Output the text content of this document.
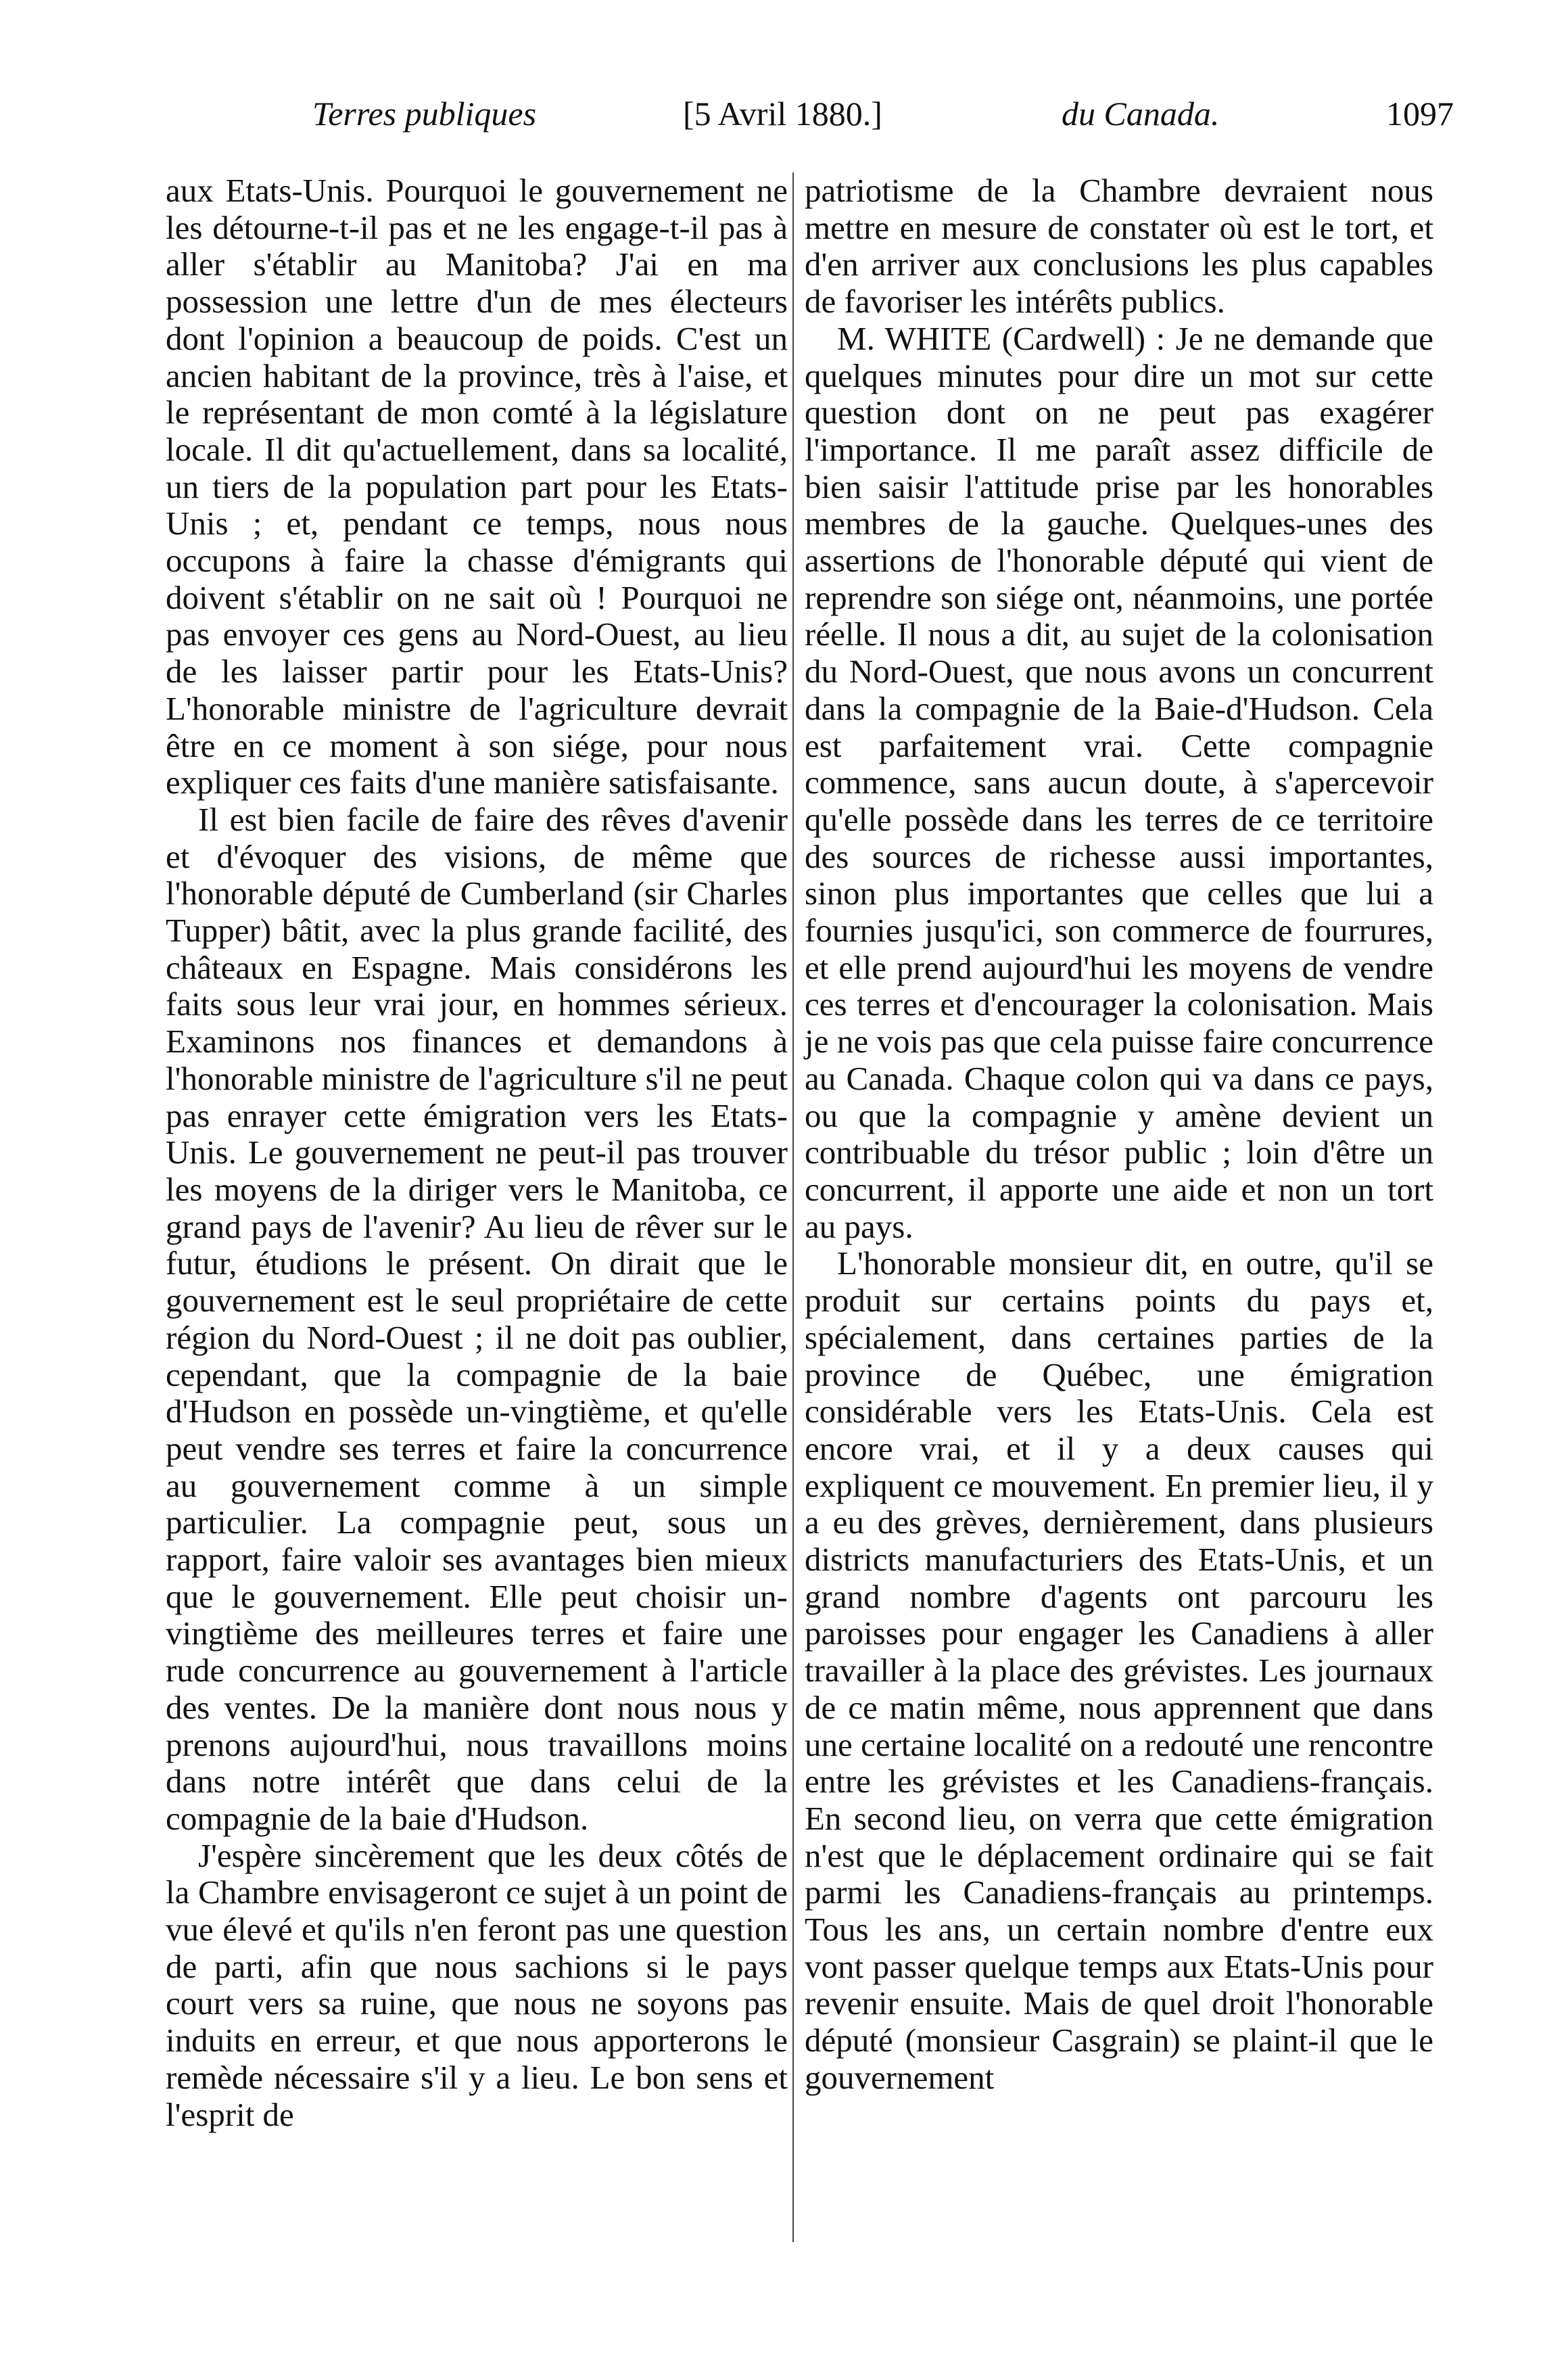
Terres publiques	[5 Avril 1880.]	du Canada.	1097

aux Etats-Unis. Pourquoi le gouvernement ne les détourne-t-il pas et ne les engage-t-il pas à aller s'établir au Manitoba? J'ai en ma possession une lettre d'un de mes électeurs dont l'opinion a beaucoup de poids. C'est un ancien habitant de la province, très à l'aise, et le représentant de mon comté à la législature locale. Il dit qu'actuellement, dans sa localité, un tiers de la population part pour les Etats-Unis ; et, pendant ce temps, nous nous occupons à faire la chasse d'émigrants qui doivent s'établir on ne sait où ! Pourquoi ne pas envoyer ces gens au Nord-Ouest, au lieu de les laisser partir pour les Etats-Unis? L'honorable ministre de l'agriculture devrait être en ce moment à son siége, pour nous expliquer ces faits d'une manière satisfaisante.

Il est bien facile de faire des rêves d'avenir et d'évoquer des visions, de même que l'honorable député de Cumberland (sir Charles Tupper) bâtit, avec la plus grande facilité, des châteaux en Espagne. Mais considérons les faits sous leur vrai jour, en hommes sérieux. Examinons nos finances et demandons à l'honorable ministre de l'agriculture s'il ne peut pas enrayer cette émigration vers les Etats-Unis. Le gouvernement ne peut-il pas trouver les moyens de la diriger vers le Manitoba, ce grand pays de l'avenir? Au lieu de rêver sur le futur, étudions le présent. On dirait que le gouvernement est le seul propriétaire de cette région du Nord-Ouest ; il ne doit pas oublier, cependant, que la compagnie de la baie d'Hudson en possède un-vingtième, et qu'elle peut vendre ses terres et faire la concurrence au gouvernement comme à un simple particulier. La compagnie peut, sous un rapport, faire valoir ses avantages bien mieux que le gouvernement. Elle peut choisir un-vingtième des meilleures terres et faire une rude concurrence au gouvernement à l'article des ventes. De la manière dont nous nous y prenons aujourd'hui, nous travaillons moins dans notre intérêt que dans celui de la compagnie de la baie d'Hudson.

J'espère sincèrement que les deux côtés de la Chambre envisageront ce sujet à un point de vue élevé et qu'ils n'en feront pas une question de parti, afin que nous sachions si le pays court vers sa ruine, que nous ne soyons pas induits en erreur, et que nous apporterons le remède nécessaire s'il y a lieu. Le bon sens et l'esprit de

patriotisme de la Chambre devraient nous mettre en mesure de constater où est le tort, et d'en arriver aux conclusions les plus capables de favoriser les intérêts publics.

M. WHITE (Cardwell) : Je ne demande que quelques minutes pour dire un mot sur cette question dont on ne peut pas exagérer l'importance. Il me paraît assez difficile de bien saisir l'attitude prise par les honorables membres de la gauche. Quelques-unes des assertions de l'honorable député qui vient de reprendre son siége ont, néanmoins, une portée réelle. Il nous a dit, au sujet de la colonisation du Nord-Ouest, que nous avons un concurrent dans la compagnie de la Baie-d'Hudson. Cela est parfaitement vrai. Cette compagnie commence, sans aucun doute, à s'apercevoir qu'elle possède dans les terres de ce territoire des sources de richesse aussi importantes, sinon plus importantes que celles que lui a fournies jusqu'ici, son commerce de fourrures, et elle prend aujourd'hui les moyens de vendre ces terres et d'encourager la colonisation. Mais je ne vois pas que cela puisse faire concurrence au Canada. Chaque colon qui va dans ce pays, ou que la compagnie y amène devient un contribuable du trésor public ; loin d'être un concurrent, il apporte une aide et non un tort au pays.

L'honorable monsieur dit, en outre, qu'il se produit sur certains points du pays et, spécialement, dans certaines parties de la province de Québec, une émigration considérable vers les Etats-Unis. Cela est encore vrai, et il y a deux causes qui expliquent ce mouvement. En premier lieu, il y a eu des grèves, dernièrement, dans plusieurs districts manufacturiers des Etats-Unis, et un grand nombre d'agents ont parcouru les paroisses pour engager les Canadiens à aller travailler à la place des grévistes. Les journaux de ce matin même, nous apprennent que dans une certaine localité on a redouté une rencontre entre les grévistes et les Canadiens-français. En second lieu, on verra que cette émigration n'est que le déplacement ordinaire qui se fait parmi les Canadiens-français au printemps. Tous les ans, un certain nombre d'entre eux vont passer quelque temps aux Etats-Unis pour revenir ensuite. Mais de quel droit l'honorable député (monsieur Casgrain) se plaint-il que le gouvernement
